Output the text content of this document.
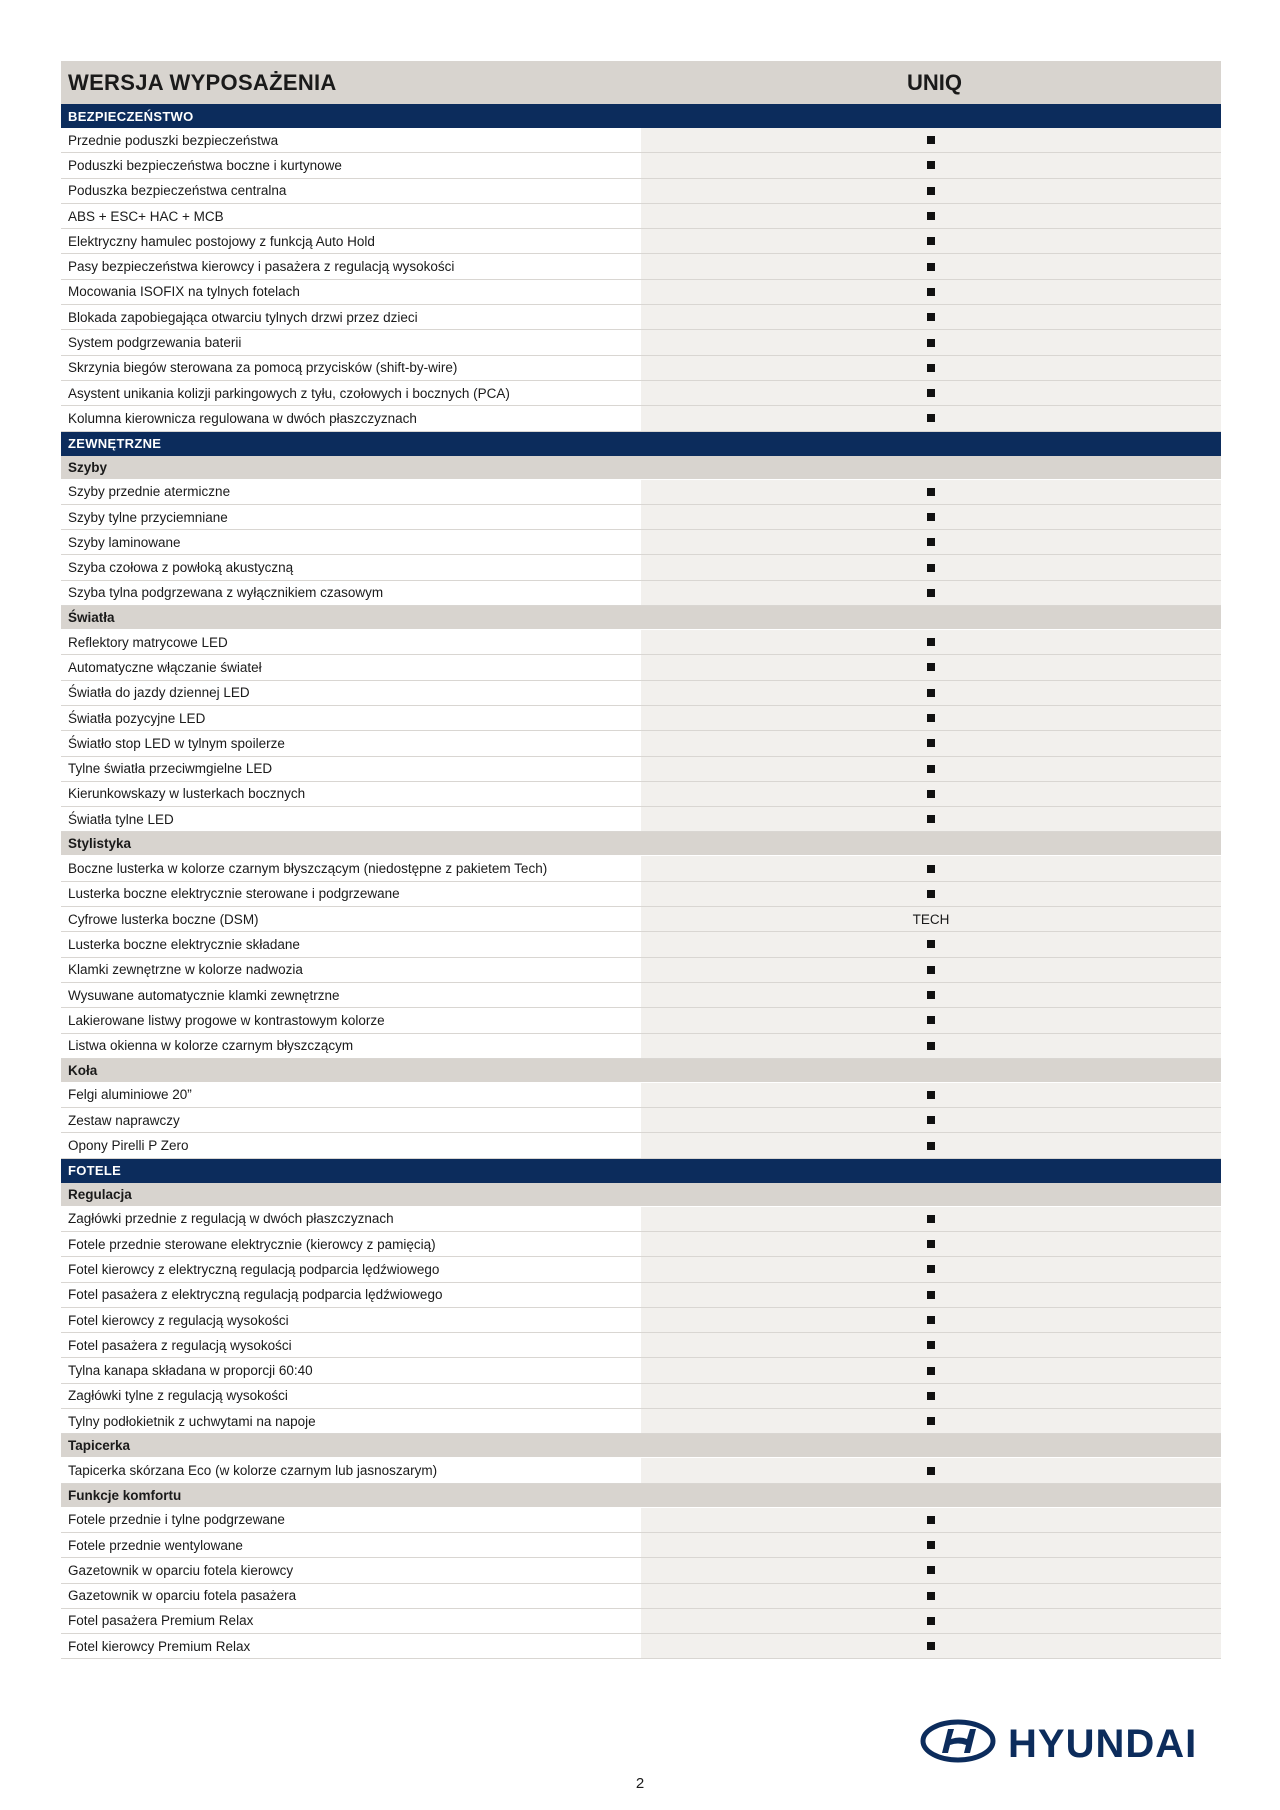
WERSJA WYPOSAŻENIA	UNIQ
BEZPIECZEŃSTWO
Przednie poduszki bezpieczeństwa
Poduszki bezpieczeństwa boczne i kurtynowe
Poduszka bezpieczeństwa centralna
ABS + ESC+ HAC + MCB
Elektryczny hamulec postojowy z funkcją Auto Hold
Pasy bezpieczeństwa kierowcy i pasażera z regulacją wysokości
Mocowania ISOFIX na tylnych fotelach
Blokada zapobiegająca otwarciu tylnych drzwi przez dzieci
System podgrzewania baterii
Skrzynia biegów sterowana za pomocą przycisków (shift-by-wire)
Asystent unikania kolizji parkingowych z tyłu, czołowych i bocznych (PCA)
Kolumna kierownicza regulowana w dwóch płaszczyznach
ZEWNĘTRZNE
Szyby
Szyby przednie atermiczne
Szyby tylne przyciemniane
Szyby laminowane
Szyba czołowa z powłoką akustyczną
Szyba tylna podgrzewana z wyłącznikiem czasowym
Światła
Reflektory matrycowe LED
Automatyczne włączanie świateł
Światła do jazdy dziennej LED
Światła pozycyjne LED
Światło stop LED w tylnym spoilerze
Tylne światła przeciwmgielne LED
Kierunkowskazy w lusterkach bocznych
Światła tylne LED
Stylistyka
Boczne lusterka w kolorze czarnym błyszczącym (niedostępne z pakietem Tech)
Lusterka boczne elektrycznie sterowane i podgrzewane
Cyfrowe lusterka boczne (DSM)	TECH
Lusterka boczne elektrycznie składane
Klamki zewnętrzne w kolorze nadwozia
Wysuwane automatycznie klamki zewnętrzne
Lakierowane listwy progowe w kontrastowym kolorze
Listwa okienna w kolorze czarnym błyszczącym
Koła
Felgi aluminiowe 20”
Zestaw naprawczy
Opony Pirelli P Zero
FOTELE
Regulacja
Zagłówki przednie z regulacją w dwóch płaszczyznach
Fotele przednie sterowane elektrycznie (kierowcy z pamięcią)
Fotel kierowcy z elektryczną regulacją podparcia lędźwiowego
Fotel pasażera z elektryczną regulacją podparcia lędźwiowego
Fotel kierowcy z regulacją wysokości
Fotel pasażera z regulacją wysokości
Tylna kanapa składana w proporcji 60:40
Zagłówki tylne z regulacją wysokości
Tylny podłokietnik z uchwytami na napoje
Tapicerka
Tapicerka skórzana Eco (w kolorze czarnym lub jasnoszarym)
Funkcje komfortu
Fotele przednie i tylne podgrzewane
Fotele przednie wentylowane
Gazetownik w oparciu fotela kierowcy
Gazetownik w oparciu fotela pasażera
Fotel pasażera Premium Relax
Fotel kierowcy Premium Relax
HYUNDAI
2
